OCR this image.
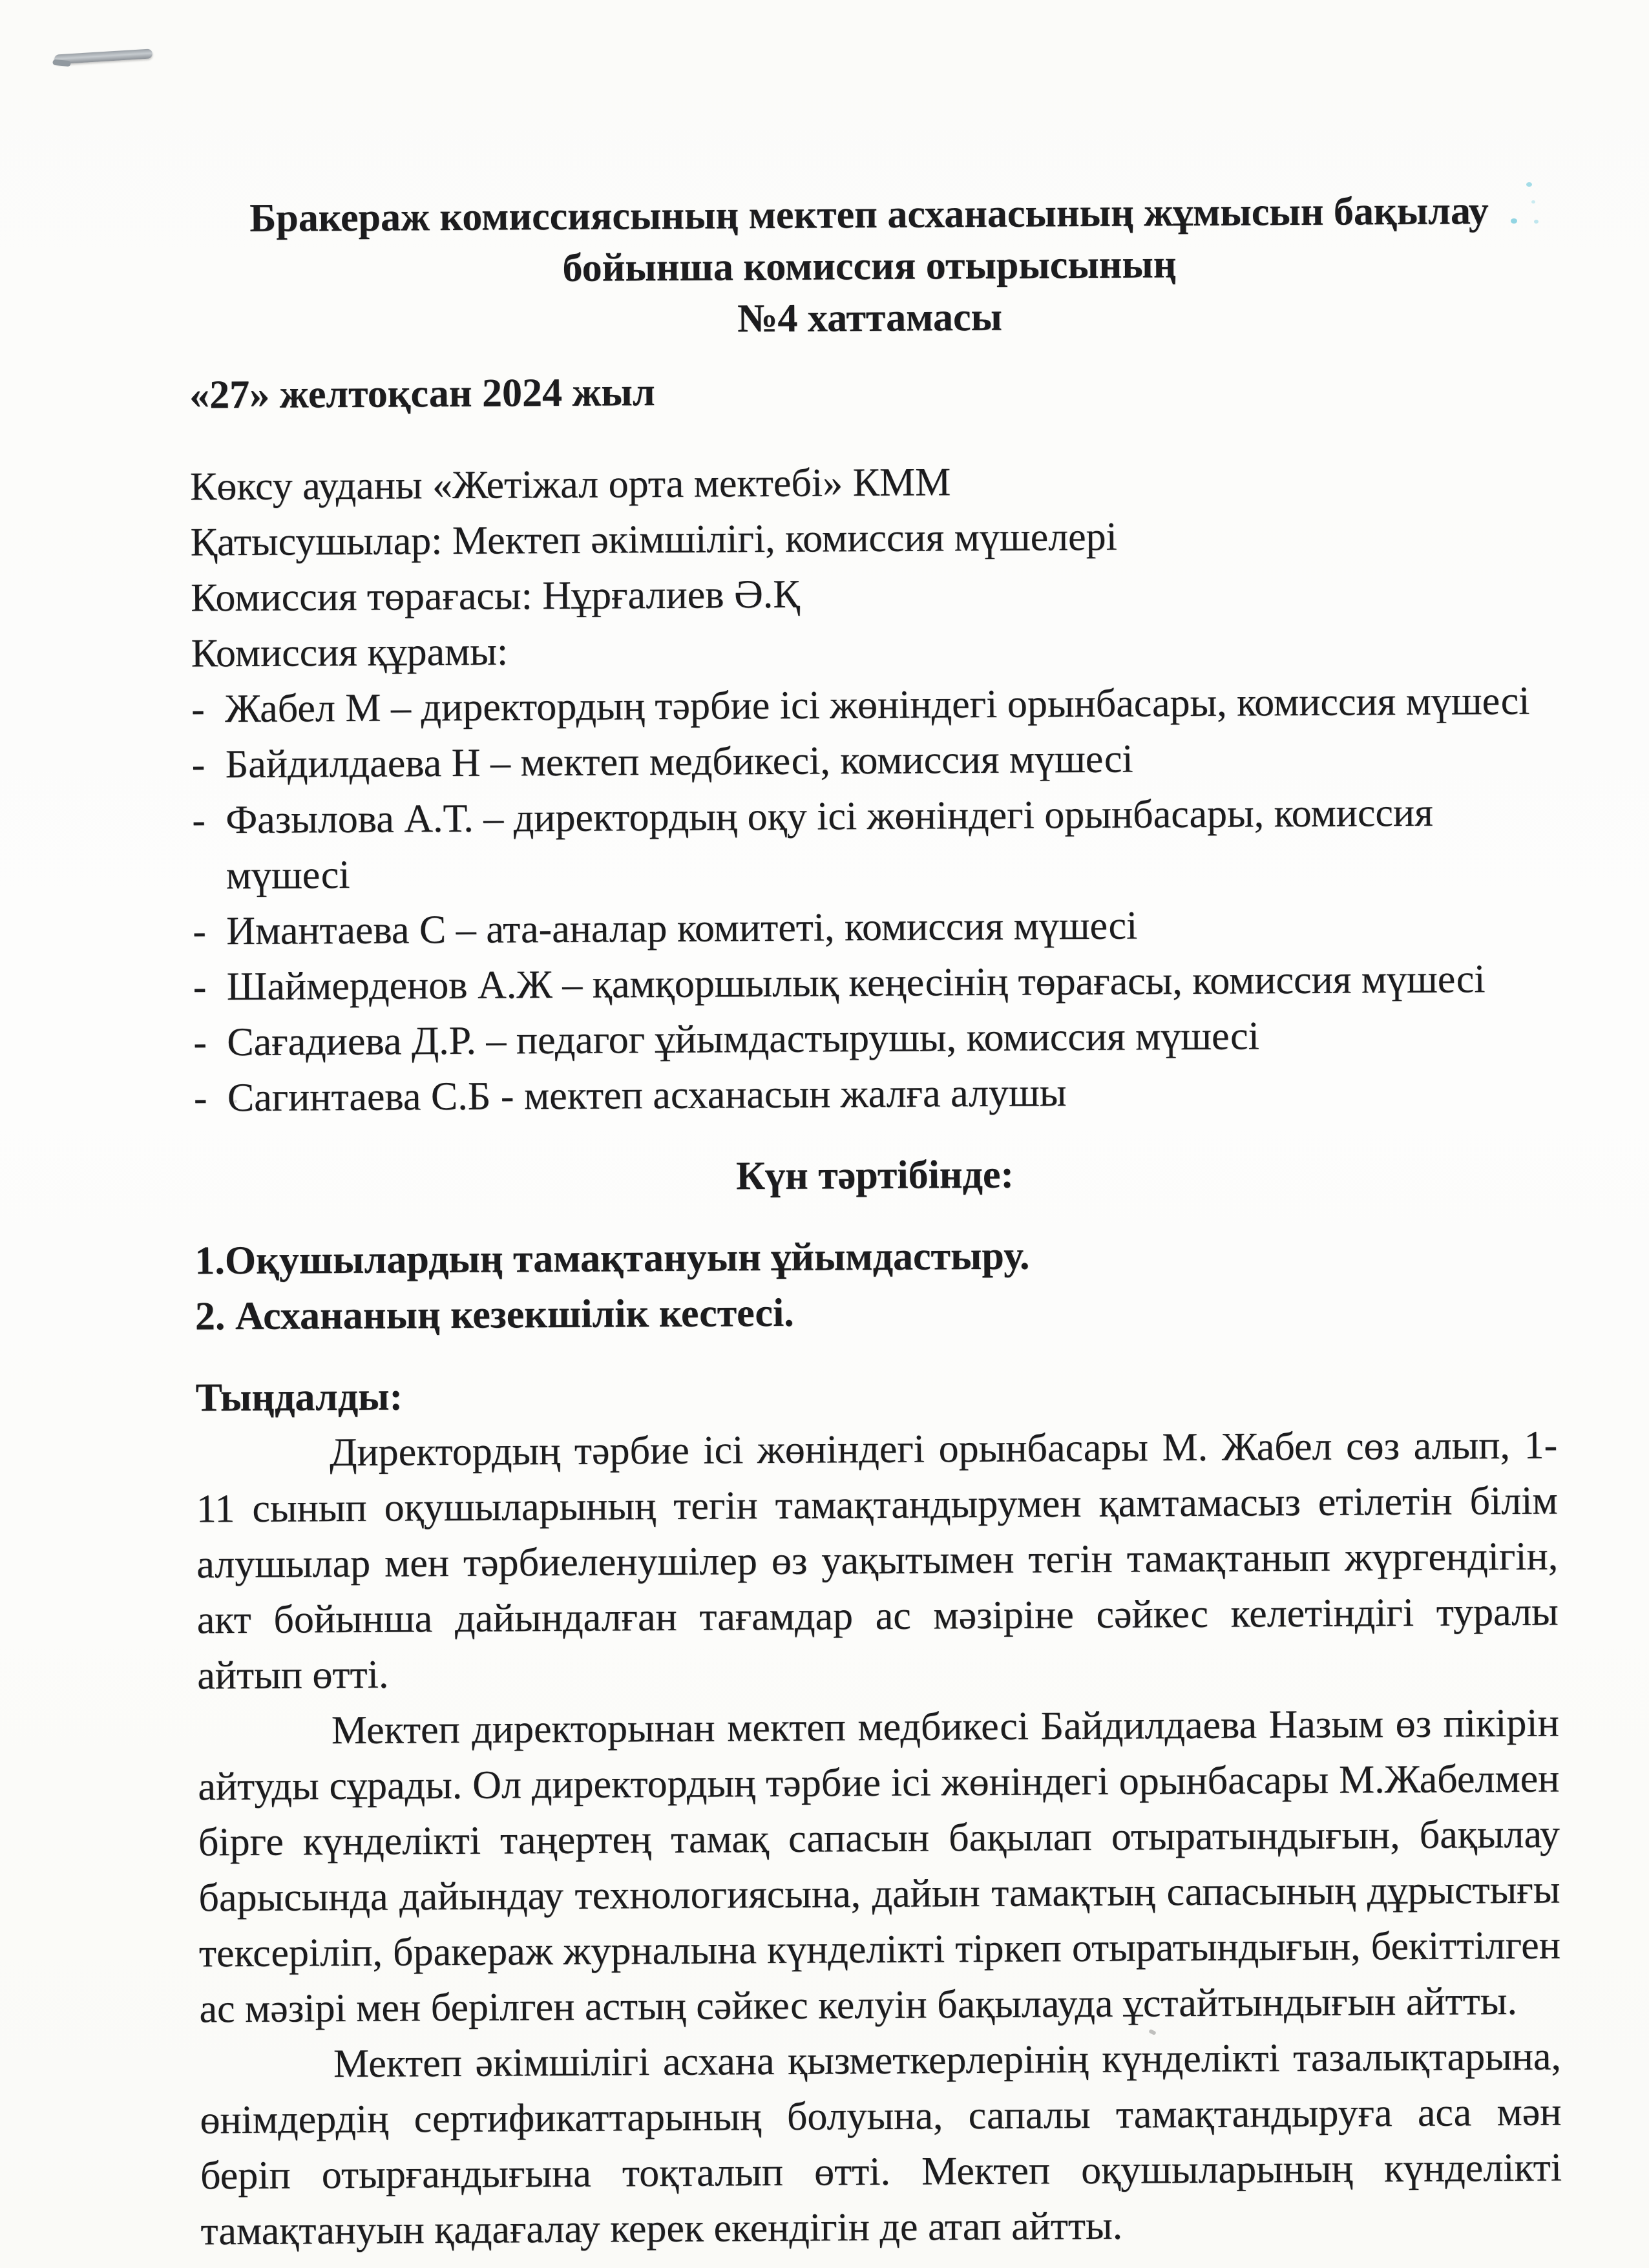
Бракераж комиссиясының мектеп асханасының жұмысын бақылау
бойынша комиссия отырысының
№4 хаттамасы
«27» желтоқсан 2024 жыл
Көксу ауданы «Жетіжал орта мектебі» КММ
Қатысушылар: Мектеп әкімшілігі, комиссия мүшелері
Комиссия төрағасы: Нұрғалиев Ә.Қ
Комиссия құрамы:
- Жабел М – директордың тәрбие ісі жөніндегі орынбасары, комиссия мүшесі
- Байдилдаева Н – мектеп медбикесі, комиссия мүшесі
- Фазылова А.Т. – директордың оқу ісі жөніндегі орынбасары, комиссия мүшесі
- Имантаева С – ата-аналар комитеті, комиссия мүшесі
- Шаймерденов А.Ж – қамқоршылық кеңесінің төрағасы, комиссия мүшесі
- Сағадиева Д.Р. – педагог ұйымдастырушы, комиссия мүшесі
- Сагинтаева С.Б - мектеп асханасын жалға алушы
Күн тәртібінде:
1.Оқушылардың тамақтануын ұйымдастыру.
2. Асхананың кезекшілік кестесі.
Тыңдалды:

Директордың тәрбие ісі жөніндегі орынбасары М. Жабел сөз алып, 1-11 сынып оқушыларының тегін тамақтандырумен қамтамасыз етілетін білім алушылар мен тәрбиеленушілер өз уақытымен тегін тамақтанып жүргендігін, акт бойынша дайындалған тағамдар ас мәзіріне сәйкес келетіндігі туралы айтып өтті.

Мектеп директорынан мектеп медбикесі Байдилдаева Назым өз пікірін айтуды сұрады. Ол директордың тәрбие ісі жөніндегі орынбасары М.Жабелмен бірге күнделікті таңертең тамақ сапасын бақылап отыратындығын, бақылау барысында дайындау технологиясына, дайын тамақтың сапасының дұрыстығы тексеріліп, бракераж журналына күнделікті тіркеп отыратындығын, бекіттілген ас мәзірі мен берілген астың сәйкес келуін бақылауда ұстайтындығын айтты.

Мектеп әкімшілігі асхана қызметкерлерінің күнделікті тазалықтарына, өнімдердің сертификаттарының болуына, сапалы тамақтандыруға аса мән беріп отырғандығына тоқталып өтті. Мектеп оқушыларының күнделікті тамақтануын қадағалау керек екендігін де атап айтты.
